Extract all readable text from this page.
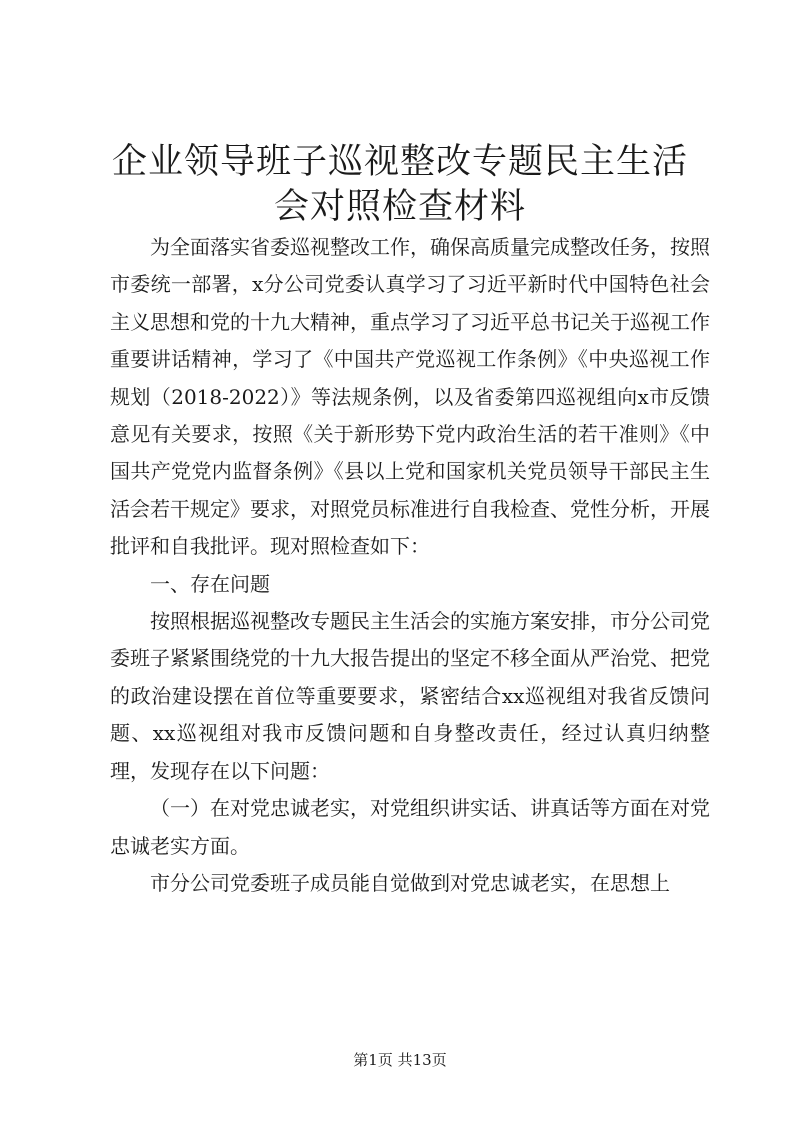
企业领导班子巡视整改专题民主生活会对照检查材料

为全面落实省委巡视整改工作，确保高质量完成整改任务，按照市委统一部署，x分公司党委认真学习了习近平新时代中国特色社会主义思想和党的十九大精神，重点学习了习近平总书记关于巡视工作重要讲话精神，学习了《中国共产党巡视工作条例》《中央巡视工作规划（2018-2022）》等法规条例，以及省委第四巡视组向x市反馈意见有关要求，按照《关于新形势下党内政治生活的若干准则》《中国共产党党内监督条例》《县以上党和国家机关党员领导干部民主生活会若干规定》要求，对照党员标准进行自我检查、党性分析，开展批评和自我批评。现对照检查如下：

一、存在问题

按照根据巡视整改专题民主生活会的实施方案安排，市分公司党委班子紧紧围绕党的十九大报告提出的坚定不移全面从严治党、把党的政治建设摆在首位等重要要求，紧密结合xx巡视组对我省反馈问题、xx巡视组对我市反馈问题和自身整改责任，经过认真归纳整理，发现存在以下问题：

（一）在对党忠诚老实，对党组织讲实话、讲真话等方面在对党忠诚老实方面。

市分公司党委班子成员能自觉做到对党忠诚老实，在思想上

第1页 共13页
